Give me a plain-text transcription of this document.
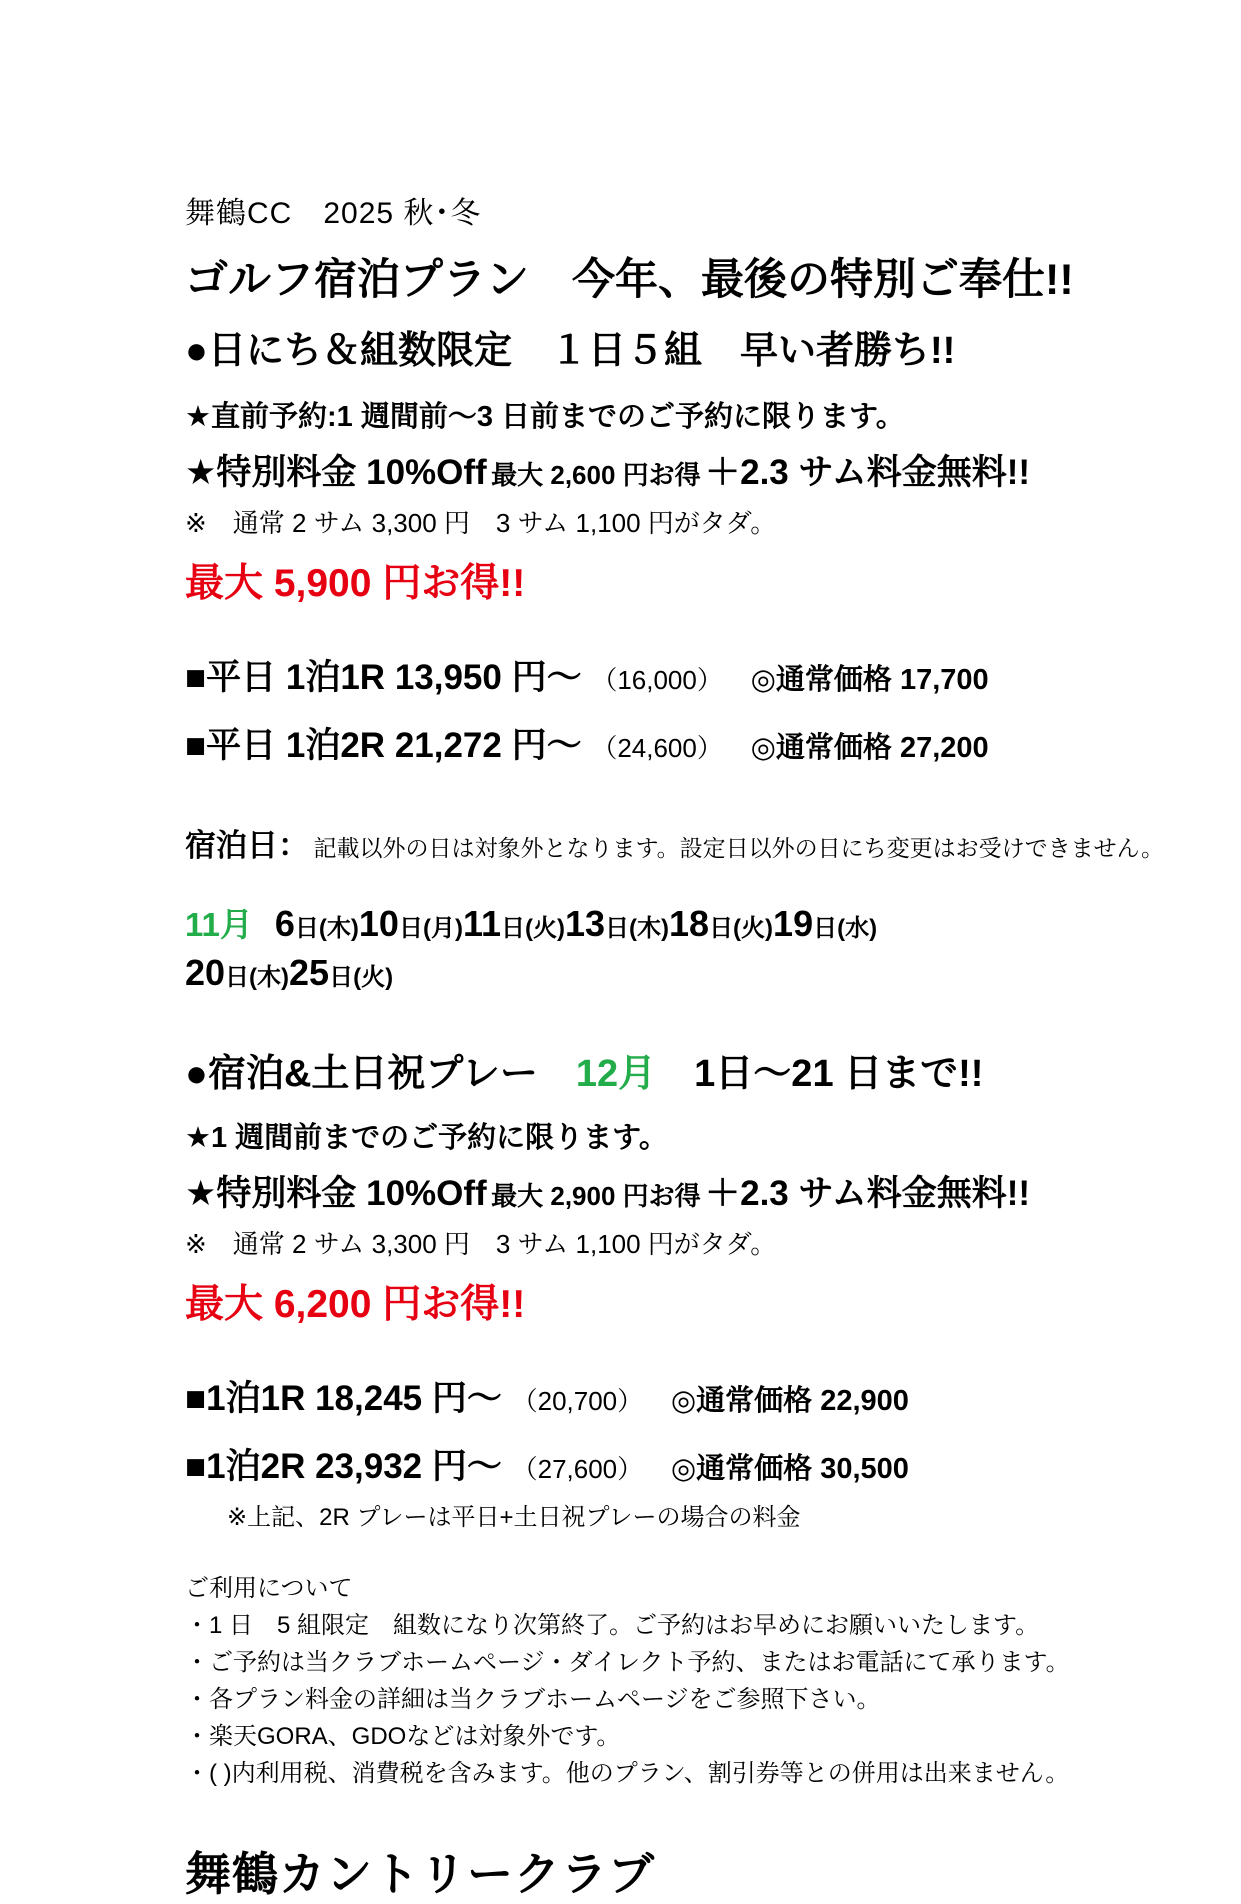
舞鶴CC　2025 秋･冬
ゴルフ宿泊プラン　今年、最後の特別ご奉仕!!
●日にち＆組数限定　１日５組　早い者勝ち!!
★直前予約:1 週間前～3 日前までのご予約に限ります。
★特別料金 10%Off 最大 2,600 円お得 ＋2.3 サム料金無料!!
※　通常 2 サム 3,300 円　3 サム 1,100 円がタダ。
最大 5,900 円お得!!
■平日 1泊1R 13,950 円～ （16,000） ◎通常価格 17,700
■平日 1泊2R 21,272 円～ （24,600） ◎通常価格 27,200
宿泊日： 記載以外の日は対象外となります。設定日以外の日にち変更はお受けできません。
11月 6日(木)10日(月)11日(火)13日(木)18日(火)19日(水)
20日(木)25日(火)
●宿泊&土日祝プレー　12月　1日～21 日まで!!
★1 週間前までのご予約に限ります。
★特別料金 10%Off 最大 2,900 円お得 ＋2.3 サム料金無料!!
※　通常 2 サム 3,300 円　3 サム 1,100 円がタダ。
最大 6,200 円お得!!
■1泊1R 18,245 円～ （20,700） ◎通常価格 22,900
■1泊2R 23,932 円～ （27,600） ◎通常価格 30,500
※上記、2R プレーは平日+土日祝プレーの場合の料金
ご利用について
・1 日　5 組限定　組数になり次第終了。ご予約はお早めにお願いいたします。
・ご予約は当クラブホームページ・ダイレクト予約、またはお電話にて承ります。
・各プラン料金の詳細は当クラブホームページをご参照下さい。
・楽天GORA、GDOなどは対象外です。
・( )内利用税、消費税を含みます。他のプラン、割引券等との併用は出来ません。
舞鶴カントリークラブ
